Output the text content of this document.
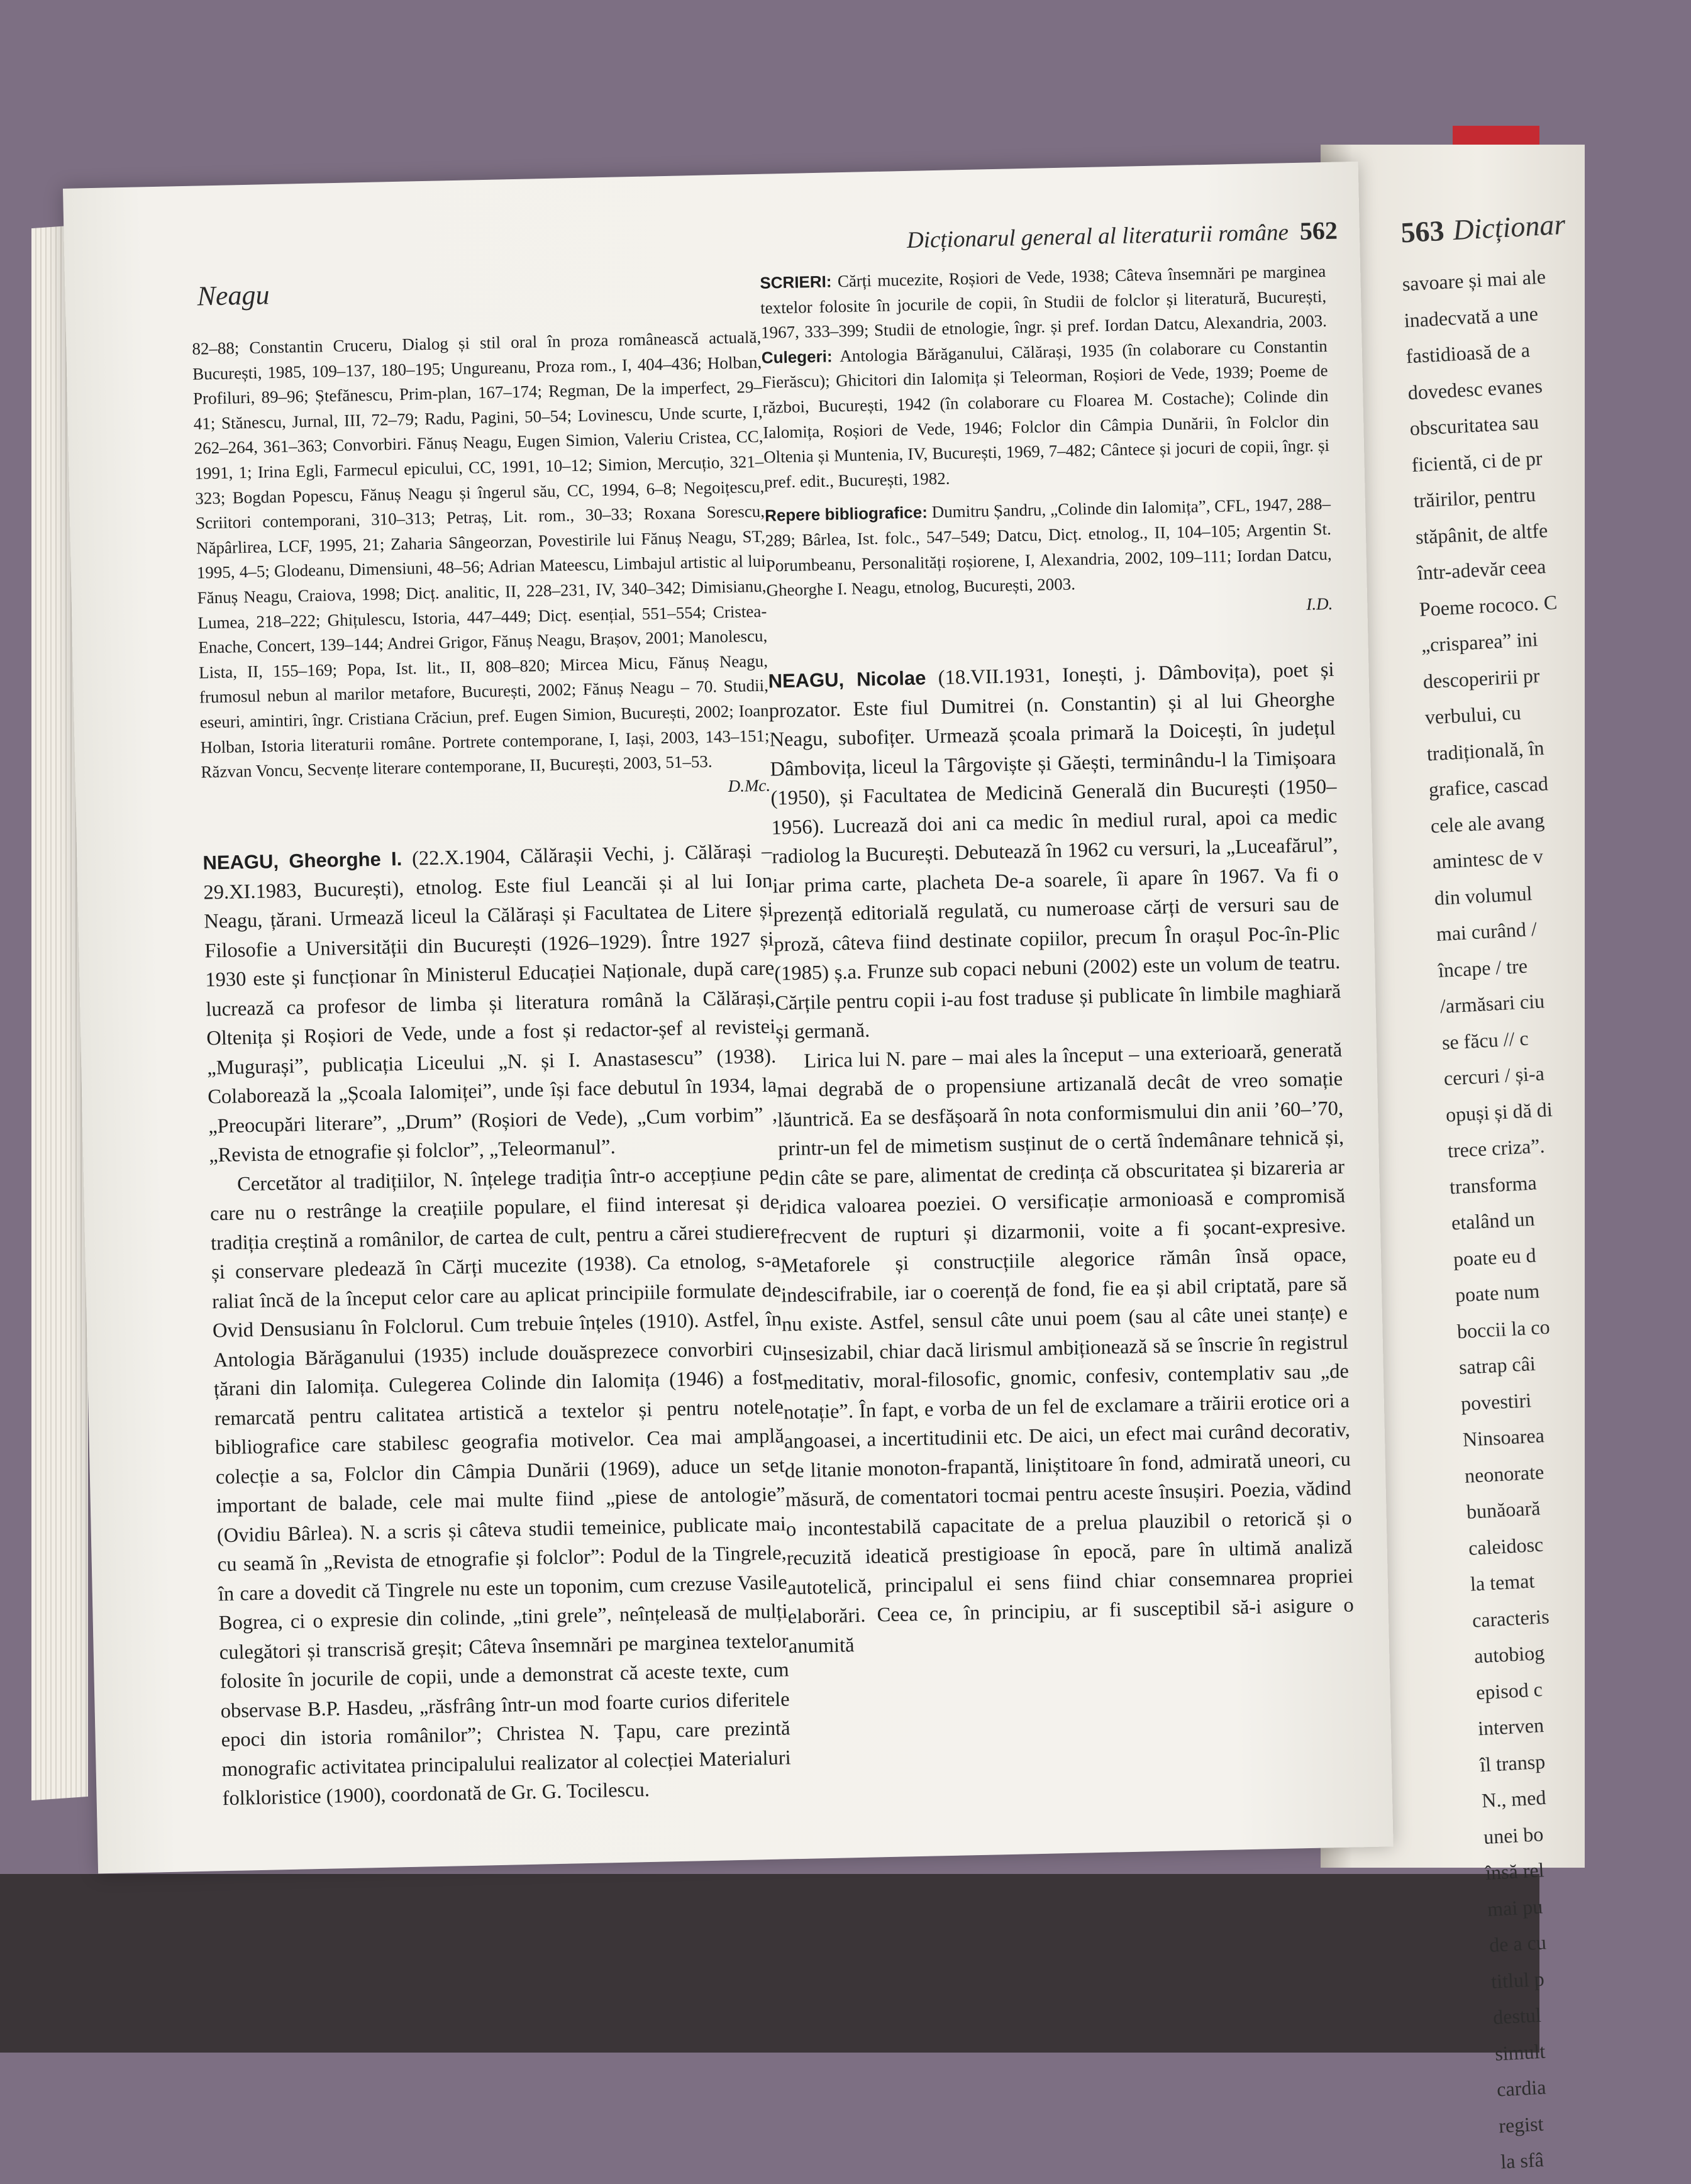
563 Dicționar
savoare și mai ale
inadecvată a une
fastidioasă de a
dovedesc evanes
obscuritatea sau
ficientă, ci de pr
trăirilor, pentru
stăpânit, de altfe
într-adevăr ceea
Poeme rococo. C
„crisparea” ini
descoperirii pr
verbului, cu
tradițională, în
grafice, cascad
cele ale avang
amintesc de v
din volumul
mai curând /
încape / tre
/armăsari ciu
se făcu // c
cercuri / și-a
opuși și dă di
trece criza”.
transforma
etalând un
poate eu d
poate num
boccii la co
satrap câi
povestiri
Ninsoarea
neonorate
bunăoară
caleidosc
la temat
caracteris
autobiog
episod c
interven
îl transp
N., med
unei bo
însă rel
mai pu
de a cu
titlul p
destul
simult
cardia
regist
la sfâ
Dicționarul general al literaturii române 562
Neagu
82–88; Constantin Cruceru, Dialog și stil oral în proza românească actuală, București, 1985, 109–137, 180–195; Ungureanu, Proza rom., I, 404–436; Holban, Profiluri, 89–96; Ștefănescu, Prim-plan, 167–174; Regman, De la imperfect, 29–41; Stănescu, Jurnal, III, 72–79; Radu, Pagini, 50–54; Lovinescu, Unde scurte, I, 262–264, 361–363; Convorbiri. Fănuș Neagu, Eugen Simion, Valeriu Cristea, CC, 1991, 1; Irina Egli, Farmecul epicului, CC, 1991, 10–12; Simion, Mercuțio, 321–323; Bogdan Popescu, Fănuș Neagu și îngerul său, CC, 1994, 6–8; Negoițescu, Scriitori contemporani, 310–313; Petraș, Lit. rom., 30–33; Roxana Sorescu, Năpârlirea, LCF, 1995, 21; Zaharia Sângeorzan, Povestirile lui Fănuș Neagu, ST, 1995, 4–5; Glodeanu, Dimensiuni, 48–56; Adrian Mateescu, Limbajul artistic al lui Fănuș Neagu, Craiova, 1998; Dicț. analitic, II, 228–231, IV, 340–342; Dimisianu, Lumea, 218–222; Ghițulescu, Istoria, 447–449; Dicț. esențial, 551–554; Cristea-Enache, Concert, 139–144; Andrei Grigor, Fănuș Neagu, Brașov, 2001; Manolescu, Lista, II, 155–169; Popa, Ist. lit., II, 808–820; Mircea Micu, Fănuș Neagu, frumosul nebun al marilor metafore, București, 2002; Fănuș Neagu – 70. Studii, eseuri, amintiri, îngr. Cristiana Crăciun, pref. Eugen Simion, București, 2002; Ioan Holban, Istoria literaturii române. Portrete contemporane, I, Iași, 2003, 143–151; Răzvan Voncu, Secvențe literare contemporane, II, București, 2003, 51–53.
D.Mc.

NEAGU, Gheorghe I. (22.X.1904, Călărașii Vechi, j. Călărași – 29.XI.1983, București), etnolog. Este fiul Leancăi și al lui Ion Neagu, țărani. Urmează liceul la Călărași și Facultatea de Litere și Filosofie a Universității din București (1926–1929). Între 1927 și 1930 este și funcționar în Ministerul Educației Naționale, după care lucrează ca profesor de limba și literatura română la Călărași, Oltenița și Roșiori de Vede, unde a fost și redactor-șef al revistei „Mugurași”, publicația Liceului „N. și I. Anastasescu” (1938). Colaborează la „Școala Ialomiței”, unde își face debutul în 1934, la „Preocupări literare”, „Drum” (Roșiori de Vede), „Cum vorbim” , „Revista de etnografie și folclor”, „Teleormanul”.

Cercetător al tradițiilor, N. înțelege tradiția într-o accepțiune pe care nu o restrânge la creațiile populare, el fiind interesat și de tradiția creștină a românilor, de cartea de cult, pentru a cărei studiere și conservare pledează în Cărți mucezite (1938). Ca etnolog, s-a raliat încă de la început celor care au aplicat principiile formulate de Ovid Densusianu în Folclorul. Cum trebuie înțeles (1910). Astfel, în Antologia Bărăganului (1935) include douăsprezece convorbiri cu țărani din Ialomița. Culegerea Colinde din Ialomița (1946) a fost remarcată pentru calitatea artistică a textelor și pentru notele bibliografice care stabilesc geografia motivelor. Cea mai amplă colecție a sa, Folclor din Câmpia Dunării (1969), aduce un set important de balade, cele mai multe fiind „piese de antologie” (Ovidiu Bârlea). N. a scris și câteva studii temeinice, publicate mai cu seamă în „Revista de etnografie și folclor”: Podul de la Tingrele, în care a dovedit că Tingrele nu este un toponim, cum crezuse Vasile Bogrea, ci o expresie din colinde, „tini grele”, neînțeleasă de mulți culegători și transcrisă greșit; Câteva însemnări pe marginea textelor folosite în jocurile de copii, unde a demonstrat că aceste texte, cum observase B.P. Hasdeu, „răsfrâng într-un mod foarte curios diferitele epoci din istoria românilor”; Christea N. Țapu, care prezintă monografic activitatea principalului realizator al colecției Materialuri folkloristice (1900), coordonată de Gr. G. Tocilescu.

SCRIERI: Cărți mucezite, Roșiori de Vede, 1938; Câteva însemnări pe marginea textelor folosite în jocurile de copii, în Studii de folclor și literatură, București, 1967, 333–399; Studii de etnologie, îngr. și pref. Iordan Datcu, Alexandria, 2003. Culegeri: Antologia Bărăganului, Călărași, 1935 (în colaborare cu Constantin Fierăscu); Ghicitori din Ialomița și Teleorman, Roșiori de Vede, 1939; Poeme de război, București, 1942 (în colaborare cu Floarea M. Costache); Colinde din Ialomița, Roșiori de Vede, 1946; Folclor din Câmpia Dunării, în Folclor din Oltenia și Muntenia, IV, București, 1969, 7–482; Cântece și jocuri de copii, îngr. și pref. edit., București, 1982.
Repere bibliografice: Dumitru Șandru, „Colinde din Ialomița”, CFL, 1947, 288–289; Bârlea, Ist. folc., 547–549; Datcu, Dicț. etnolog., II, 104–105; Argentin St. Porumbeanu, Personalități roșiorene, I, Alexandria, 2002, 109–111; Iordan Datcu, Gheorghe I. Neagu, etnolog, București, 2003.
I.D.

NEAGU, Nicolae (18.VII.1931, Ionești, j. Dâmbovița), poet și prozator. Este fiul Dumitrei (n. Constantin) și al lui Gheorghe Neagu, subofițer. Urmează școala primară la Doicești, în județul Dâmbovița, liceul la Târgoviște și Găești, terminându-l la Timișoara (1950), și Facultatea de Medicină Generală din București (1950–1956). Lucrează doi ani ca medic în mediul rural, apoi ca medic radiolog la București. Debutează în 1962 cu versuri, la „Luceafărul”, iar prima carte, placheta De-a soarele, îi apare în 1967. Va fi o prezență editorială regulată, cu numeroase cărți de versuri sau de proză, câteva fiind destinate copiilor, precum În orașul Poc-în-Plic (1985) ș.a. Frunze sub copaci nebuni (2002) este un volum de teatru. Cărțile pentru copii i-au fost traduse și publicate în limbile maghiară și germană.

Lirica lui N. pare – mai ales la început – una exterioară, generată mai degrabă de o propensiune artizanală decât de vreo somație lăuntrică. Ea se desfășoară în nota conformismului din anii ’60–’70, printr-un fel de mimetism susținut de o certă îndemânare tehnică și, din câte se pare, alimentat de credința că obscuritatea și bizareria ar ridica valoarea poeziei. O versificație armonioasă e compromisă frecvent de rupturi și dizarmonii, voite a fi șocant-expresive. Metaforele și construcțiile alegorice rămân însă opace, indescifrabile, iar o coerență de fond, fie ea și abil criptată, pare să nu existe. Astfel, sensul câte unui poem (sau al câte unei stanțe) e insesizabil, chiar dacă lirismul ambiționează să se înscrie în registrul meditativ, moral-filosofic, gnomic, confesiv, contemplativ sau „de notație”. În fapt, e vorba de un fel de exclamare a trăirii erotice ori a angoasei, a incertitudinii etc. De aici, un efect mai curând decorativ, de litanie monoton-frapantă, liniștitoare în fond, admirată uneori, cu măsură, de comentatori tocmai pentru aceste însușiri. Poezia, vădind o incontestabilă capacitate de a prelua plauzibil o retorică și o recuzită ideatică prestigioase în epocă, pare în ultimă analiză autotelică, principalul ei sens fiind chiar consemnarea propriei elaborări. Ceea ce, în principiu, ar fi susceptibil să-i asigure o anumită
